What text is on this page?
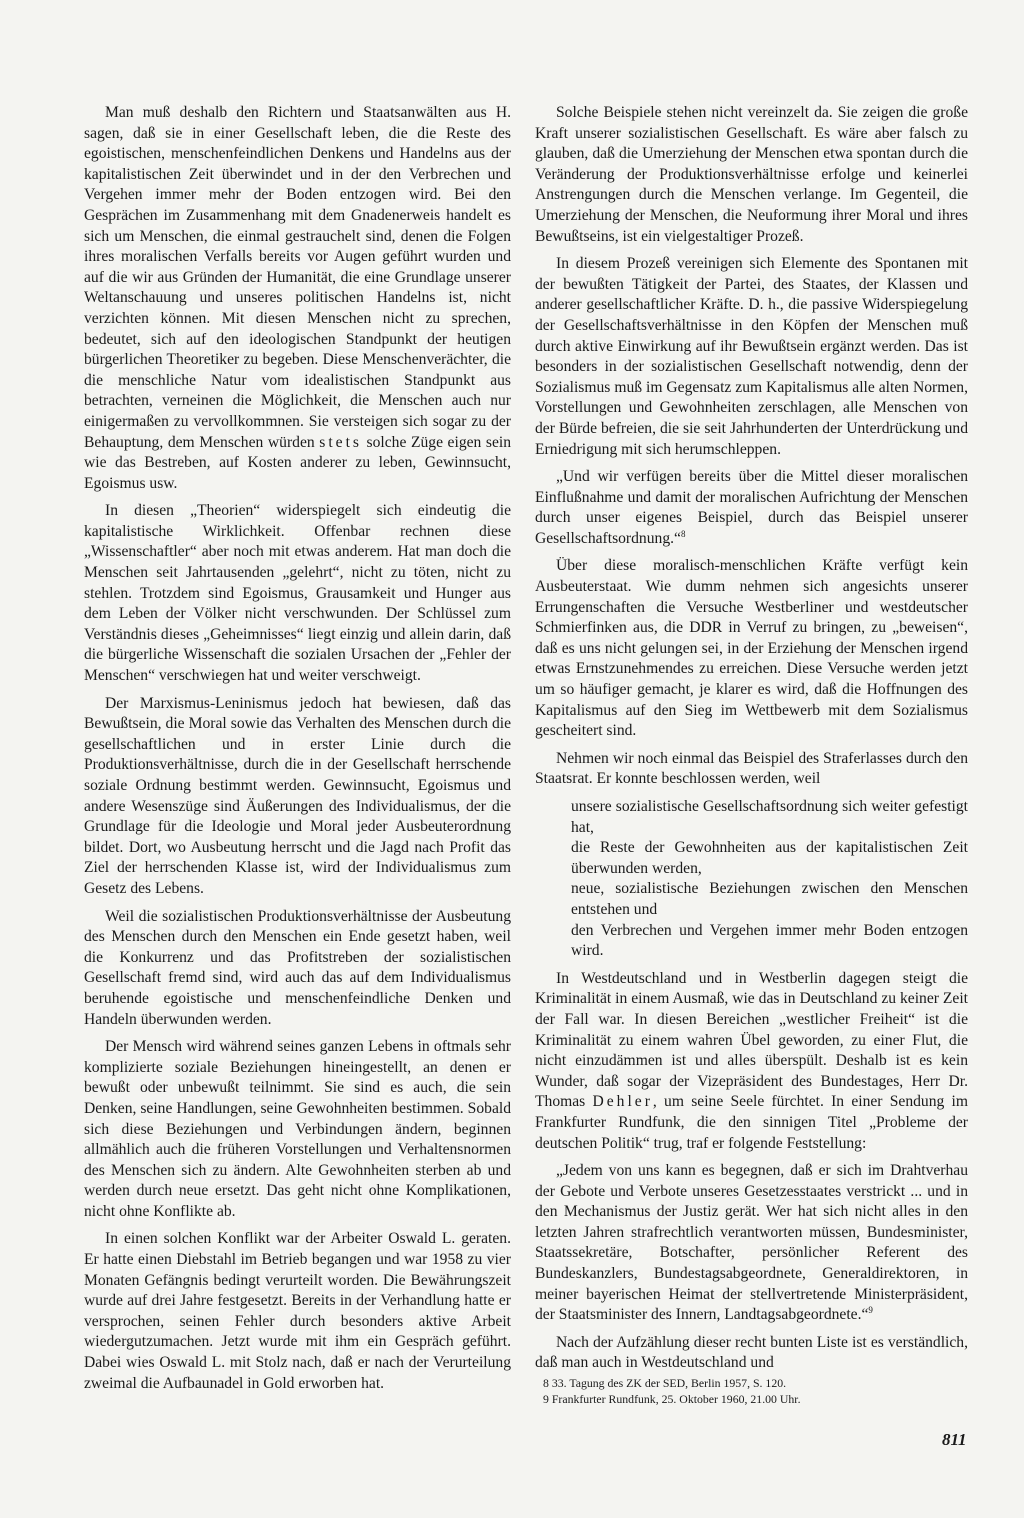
Man muß deshalb den Richtern und Staatsanwälten aus H. sagen, daß sie in einer Gesellschaft leben, die die Reste des egoistischen, menschenfeindlichen Denkens und Handelns aus der kapitalistischen Zeit überwindet und in der den Verbrechen und Vergehen immer mehr der Boden entzogen wird. Bei den Gesprächen im Zusammenhang mit dem Gnadenerweis handelt es sich um Menschen, die einmal gestrauchelt sind, denen die Folgen ihres moralischen Verfalls bereits vor Augen geführt wurden und auf die wir aus Gründen der Humanität, die eine Grundlage unserer Weltanschauung und unseres politischen Handelns ist, nicht verzichten können. Mit diesen Menschen nicht zu sprechen, bedeutet, sich auf den ideologischen Standpunkt der heutigen bürgerlichen Theoretiker zu begeben. Diese Menschenverächter, die die menschliche Natur vom idealistischen Standpunkt aus betrachten, verneinen die Möglichkeit, die Menschen auch nur einigermaßen zu vervollkommnen. Sie versteigen sich sogar zu der Behauptung, dem Menschen würden stets solche Züge eigen sein wie das Bestreben, auf Kosten anderer zu leben, Gewinnsucht, Egoismus usw.

In diesen „Theorien“ widerspiegelt sich eindeutig die kapitalistische Wirklichkeit. Offenbar rechnen diese „Wissenschaftler“ aber noch mit etwas anderem. Hat man doch die Menschen seit Jahrtausenden „gelehrt“, nicht zu töten, nicht zu stehlen. Trotzdem sind Egoismus, Grausamkeit und Hunger aus dem Leben der Völker nicht verschwunden. Der Schlüssel zum Verständnis dieses „Geheimnisses“ liegt einzig und allein darin, daß die bürgerliche Wissenschaft die sozialen Ursachen der „Fehler der Menschen“ verschwiegen hat und weiter verschweigt.

Der Marxismus-Leninismus jedoch hat bewiesen, daß das Bewußtsein, die Moral sowie das Verhalten des Menschen durch die gesellschaftlichen und in erster Linie durch die Produktionsverhältnisse, durch die in der Gesellschaft herrschende soziale Ordnung bestimmt werden. Gewinnsucht, Egoismus und andere Wesenszüge sind Äußerungen des Individualismus, der die Grundlage für die Ideologie und Moral jeder Ausbeuterordnung bildet. Dort, wo Ausbeutung herrscht und die Jagd nach Profit das Ziel der herrschenden Klasse ist, wird der Individualismus zum Gesetz des Lebens.

Weil die sozialistischen Produktionsverhältnisse der Ausbeutung des Menschen durch den Menschen ein Ende gesetzt haben, weil die Konkurrenz und das Profitstreben der sozialistischen Gesellschaft fremd sind, wird auch das auf dem Individualismus beruhende egoistische und menschenfeindliche Denken und Handeln überwunden werden.

Der Mensch wird während seines ganzen Lebens in oftmals sehr komplizierte soziale Beziehungen hineingestellt, an denen er bewußt oder unbewußt teilnimmt. Sie sind es auch, die sein Denken, seine Handlungen, seine Gewohnheiten bestimmen. Sobald sich diese Beziehungen und Verbindungen ändern, beginnen allmählich auch die früheren Vorstellungen und Verhaltensnormen des Menschen sich zu ändern. Alte Gewohnheiten sterben ab und werden durch neue ersetzt. Das geht nicht ohne Komplikationen, nicht ohne Konflikte ab.

In einen solchen Konflikt war der Arbeiter Oswald L. geraten. Er hatte einen Diebstahl im Betrieb begangen und war 1958 zu vier Monaten Gefängnis bedingt verurteilt worden. Die Bewährungszeit wurde auf drei Jahre festgesetzt. Bereits in der Verhandlung hatte er versprochen, seinen Fehler durch besonders aktive Arbeit wiedergutzumachen. Jetzt wurde mit ihm ein Gespräch geführt. Dabei wies Oswald L. mit Stolz nach, daß er nach der Verurteilung zweimal die Aufbaunadel in Gold erworben hat.

Solche Beispiele stehen nicht vereinzelt da. Sie zeigen die große Kraft unserer sozialistischen Gesellschaft. Es wäre aber falsch zu glauben, daß die Umerziehung der Menschen etwa spontan durch die Veränderung der Produktionsverhältnisse erfolge und keinerlei Anstrengungen durch die Menschen verlange. Im Gegenteil, die Umerziehung der Menschen, die Neuformung ihrer Moral und ihres Bewußtseins, ist ein vielgestaltiger Prozeß.

In diesem Prozeß vereinigen sich Elemente des Spontanen mit der bewußten Tätigkeit der Partei, des Staates, der Klassen und anderer gesellschaftlicher Kräfte. D. h., die passive Widerspiegelung der Gesellschaftsverhältnisse in den Köpfen der Menschen muß durch aktive Einwirkung auf ihr Bewußtsein ergänzt werden. Das ist besonders in der sozialistischen Gesellschaft notwendig, denn der Sozialismus muß im Gegensatz zum Kapitalismus alle alten Normen, Vorstellungen und Gewohnheiten zerschlagen, alle Menschen von der Bürde befreien, die sie seit Jahrhunderten der Unterdrückung und Erniedrigung mit sich herumschleppen.

„Und wir verfügen bereits über die Mittel dieser moralischen Einflußnahme und damit der moralischen Aufrichtung der Menschen durch unser eigenes Beispiel, durch das Beispiel unserer Gesellschaftsordnung.“$^8$

Über diese moralisch-menschlichen Kräfte verfügt kein Ausbeuterstaat. Wie dumm nehmen sich angesichts unserer Errungenschaften die Versuche Westberliner und westdeutscher Schmierfinken aus, die DDR in Verruf zu bringen, zu „beweisen“, daß es uns nicht gelungen sei, in der Erziehung der Menschen irgend etwas Ernstzunehmendes zu erreichen. Diese Versuche werden jetzt um so häufiger gemacht, je klarer es wird, daß die Hoffnungen des Kapitalismus auf den Sieg im Wettbewerb mit dem Sozialismus gescheitert sind.

Nehmen wir noch einmal das Beispiel des Straferlasses durch den Staatsrat. Er konnte beschlossen werden, weil

unsere sozialistische Gesellschaftsordnung sich weiter gefestigt hat,
die Reste der Gewohnheiten aus der kapitalistischen Zeit überwunden werden,
neue, sozialistische Beziehungen zwischen den Menschen entstehen und
den Verbrechen und Vergehen immer mehr Boden entzogen wird.

In Westdeutschland und in Westberlin dagegen steigt die Kriminalität in einem Ausmaß, wie das in Deutschland zu keiner Zeit der Fall war. In diesen Bereichen „westlicher Freiheit“ ist die Kriminalität zu einem wahren Übel geworden, zu einer Flut, die nicht einzudämmen ist und alles überspült. Deshalb ist es kein Wunder, daß sogar der Vizepräsident des Bundestages, Herr Dr. Thomas Dehler, um seine Seele fürchtet. In einer Sendung im Frankfurter Rundfunk, die den sinnigen Titel „Probleme der deutschen Politik“ trug, traf er folgende Feststellung:

„Jedem von uns kann es begegnen, daß er sich im Drahtverhau der Gebote und Verbote unseres Gesetzesstaates verstrickt ... und in den Mechanismus der Justiz gerät. Wer hat sich nicht alles in den letzten Jahren strafrechtlich verantworten müssen, Bundesminister, Staatssekretäre, Botschafter, persönlicher Referent des Bundeskanzlers, Bundestagsabgeordnete, Generaldirektoren, in meiner bayerischen Heimat der stellvertretende Ministerpräsident, der Staatsminister des Innern, Landtagsabgeordnete.“$^9$

Nach der Aufzählung dieser recht bunten Liste ist es verständlich, daß man auch in Westdeutschland und

8 33. Tagung des ZK der SED, Berlin 1957, S. 120.
9 Frankfurter Rundfunk, 25. Oktober 1960, 21.00 Uhr.
811
